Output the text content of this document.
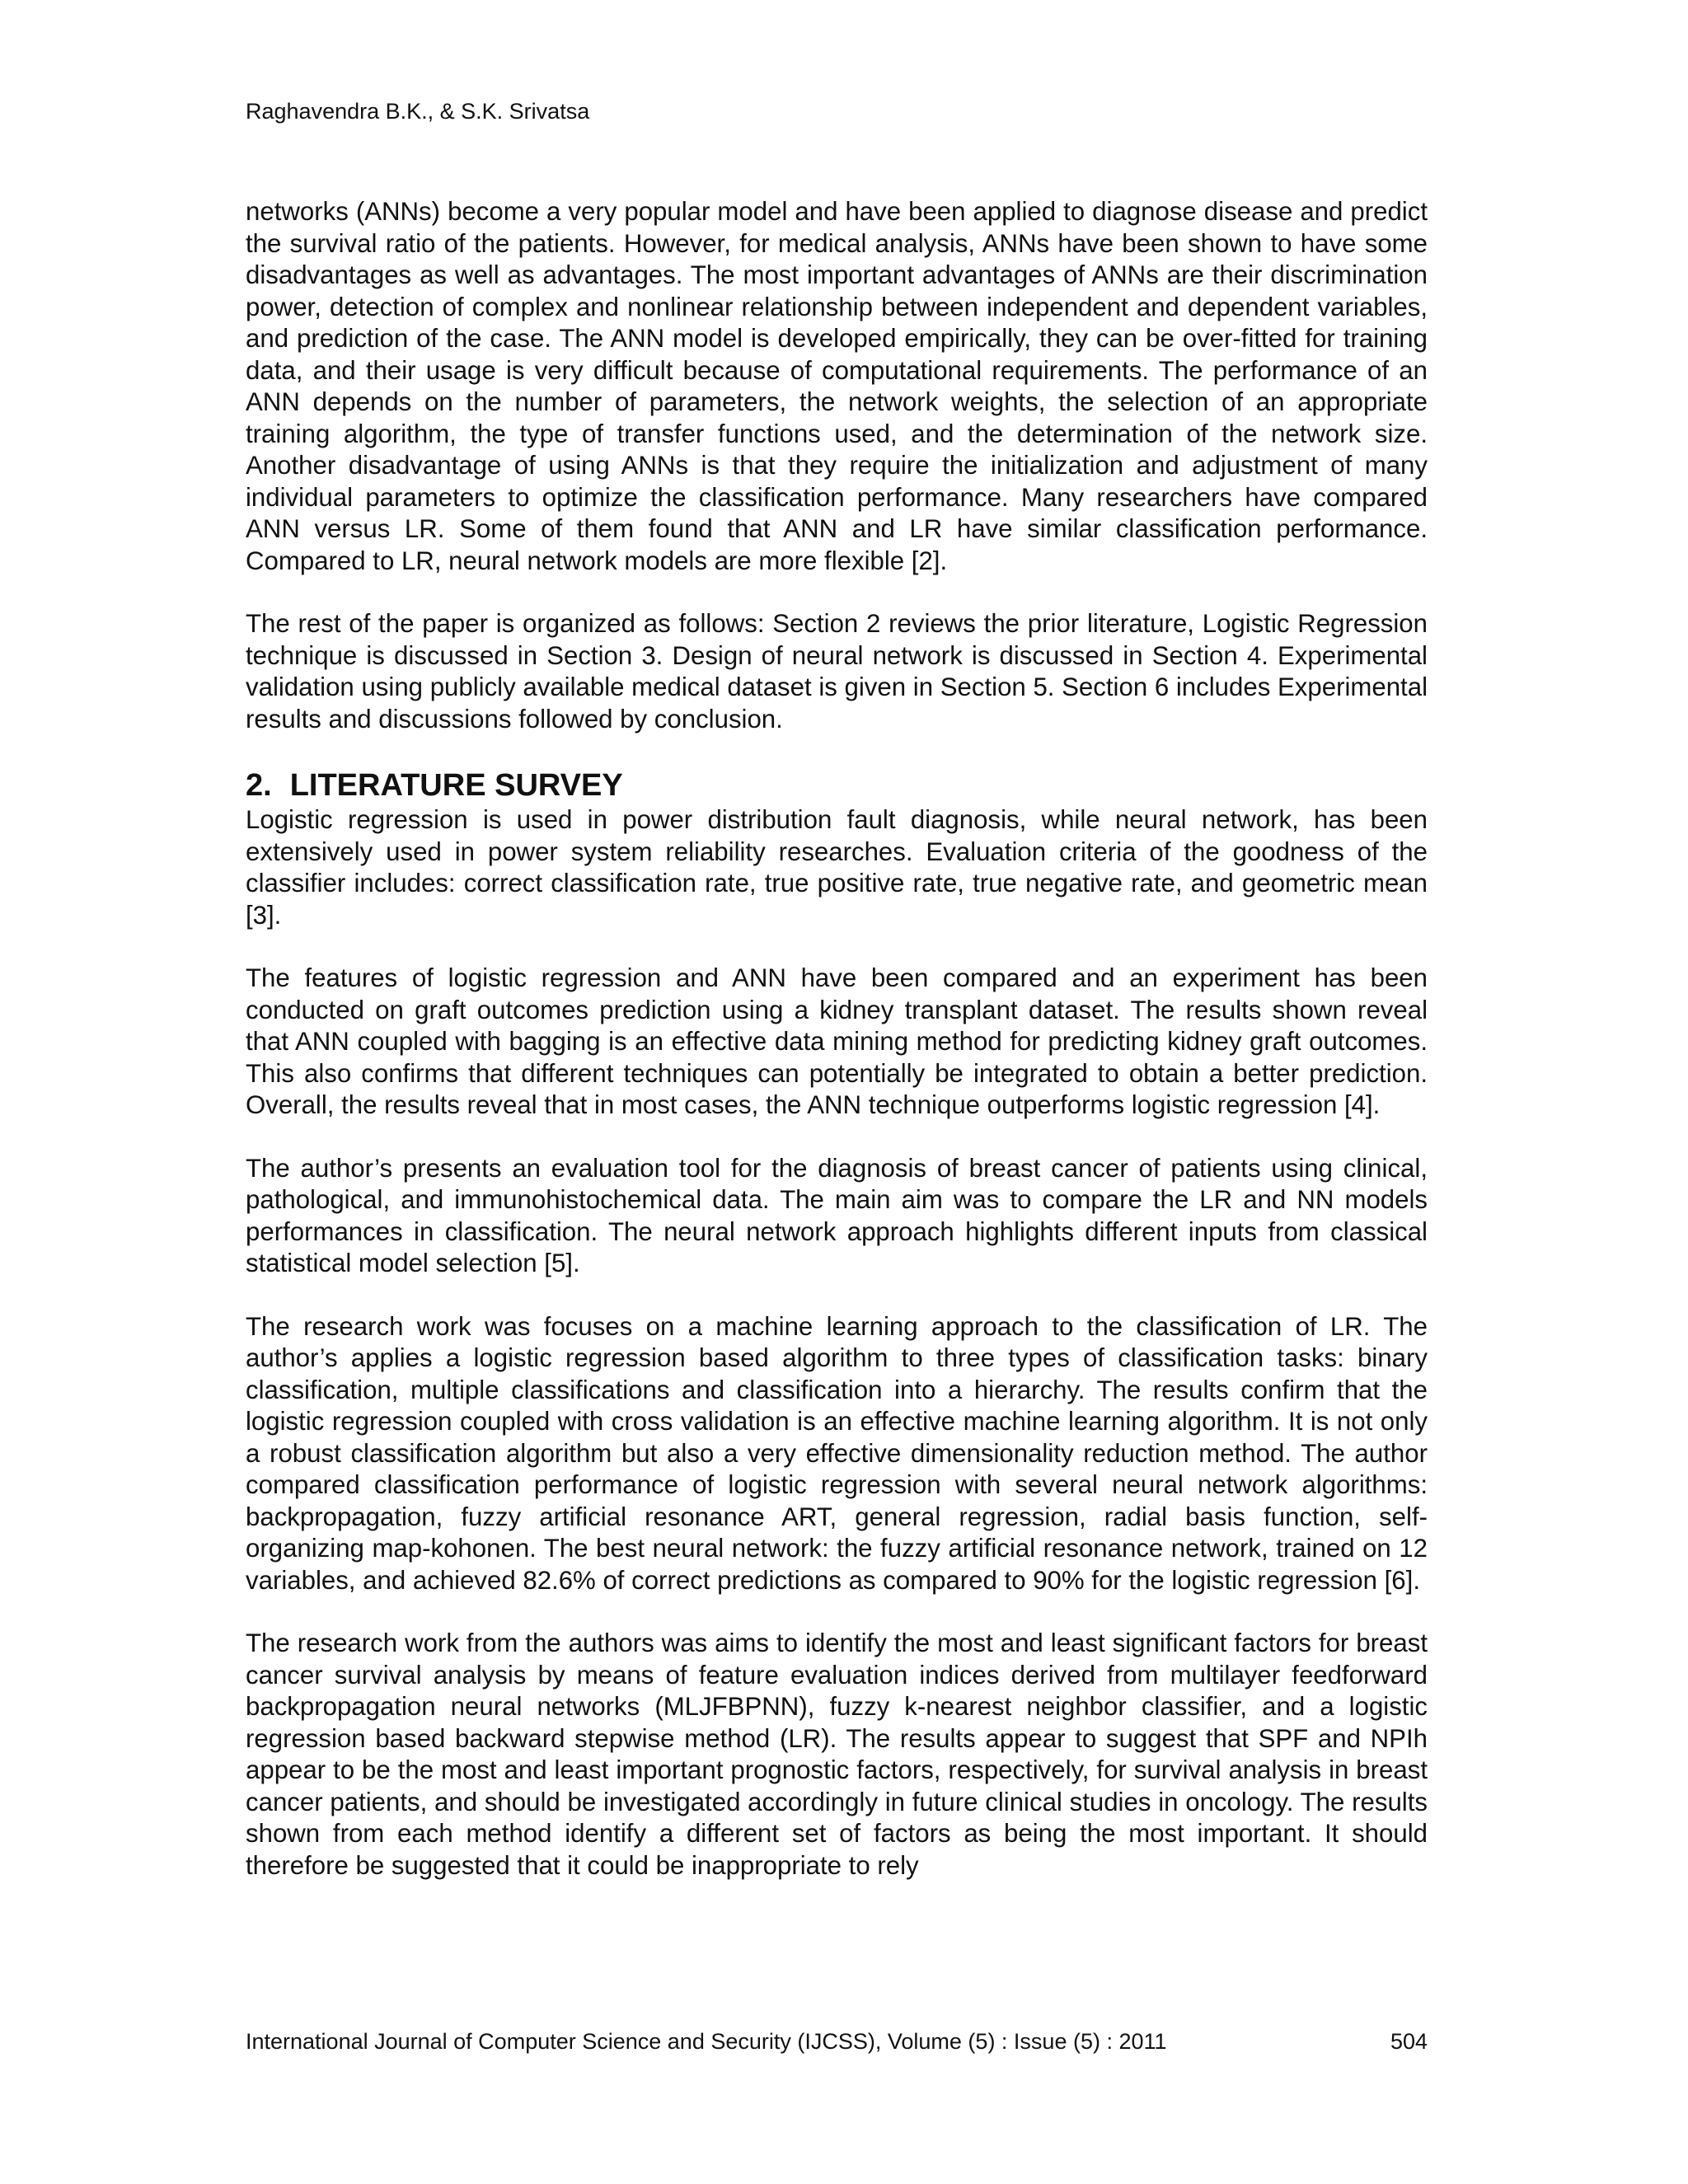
Raghavendra B.K., & S.K. Srivatsa

networks (ANNs) become a very popular model and have been applied to diagnose disease and predict the survival ratio of the patients. However, for medical analysis, ANNs have been shown to have some disadvantages as well as advantages. The most important advantages of ANNs are their discrimination power, detection of complex and nonlinear relationship between independent and dependent variables, and prediction of the case. The ANN model is developed empirically, they can be over-fitted for training data, and their usage is very difficult because of computational requirements. The performance of an ANN depends on the number of parameters, the network weights, the selection of an appropriate training algorithm, the type of transfer functions used, and the determination of the network size. Another disadvantage of using ANNs is that they require the initialization and adjustment of many individual parameters to optimize the classification performance. Many researchers have compared ANN versus LR. Some of them found that ANN and LR have similar classification performance. Compared to LR, neural network models are more flexible [2].

The rest of the paper is organized as follows: Section 2 reviews the prior literature, Logistic Regression technique is discussed in Section 3. Design of neural network is discussed in Section 4. Experimental validation using publicly available medical dataset is given in Section 5. Section 6 includes Experimental results and discussions followed by conclusion.

2. LITERATURE SURVEY

Logistic regression is used in power distribution fault diagnosis, while neural network, has been extensively used in power system reliability researches. Evaluation criteria of the goodness of the classifier includes: correct classification rate, true positive rate, true negative rate, and geometric mean [3].

The features of logistic regression and ANN have been compared and an experiment has been conducted on graft outcomes prediction using a kidney transplant dataset. The results shown reveal that ANN coupled with bagging is an effective data mining method for predicting kidney graft outcomes. This also confirms that different techniques can potentially be integrated to obtain a better prediction. Overall, the results reveal that in most cases, the ANN technique outperforms logistic regression [4].

The author’s presents an evaluation tool for the diagnosis of breast cancer of patients using clinical, pathological, and immunohistochemical data. The main aim was to compare the LR and NN models performances in classification. The neural network approach highlights different inputs from classical statistical model selection [5].

The research work was focuses on a machine learning approach to the classification of LR. The author’s applies a logistic regression based algorithm to three types of classification tasks: binary classification, multiple classifications and classification into a hierarchy. The results confirm that the logistic regression coupled with cross validation is an effective machine learning algorithm. It is not only a robust classification algorithm but also a very effective dimensionality reduction method. The author compared classification performance of logistic regression with several neural network algorithms: backpropagation, fuzzy artificial resonance ART, general regression, radial basis function, self-organizing map-kohonen. The best neural network: the fuzzy artificial resonance network, trained on 12 variables, and achieved 82.6% of correct predictions as compared to 90% for the logistic regression [6].

The research work from the authors was aims to identify the most and least significant factors for breast cancer survival analysis by means of feature evaluation indices derived from multilayer feedforward backpropagation neural networks (MLJFBPNN), fuzzy k-nearest neighbor classifier, and a logistic regression based backward stepwise method (LR). The results appear to suggest that SPF and NPIh appear to be the most and least important prognostic factors, respectively, for survival analysis in breast cancer patients, and should be investigated accordingly in future clinical studies in oncology. The results shown from each method identify a different set of factors as being the most important. It should therefore be suggested that it could be inappropriate to rely

International Journal of Computer Science and Security (IJCSS), Volume (5) : Issue (5) : 2011	504
